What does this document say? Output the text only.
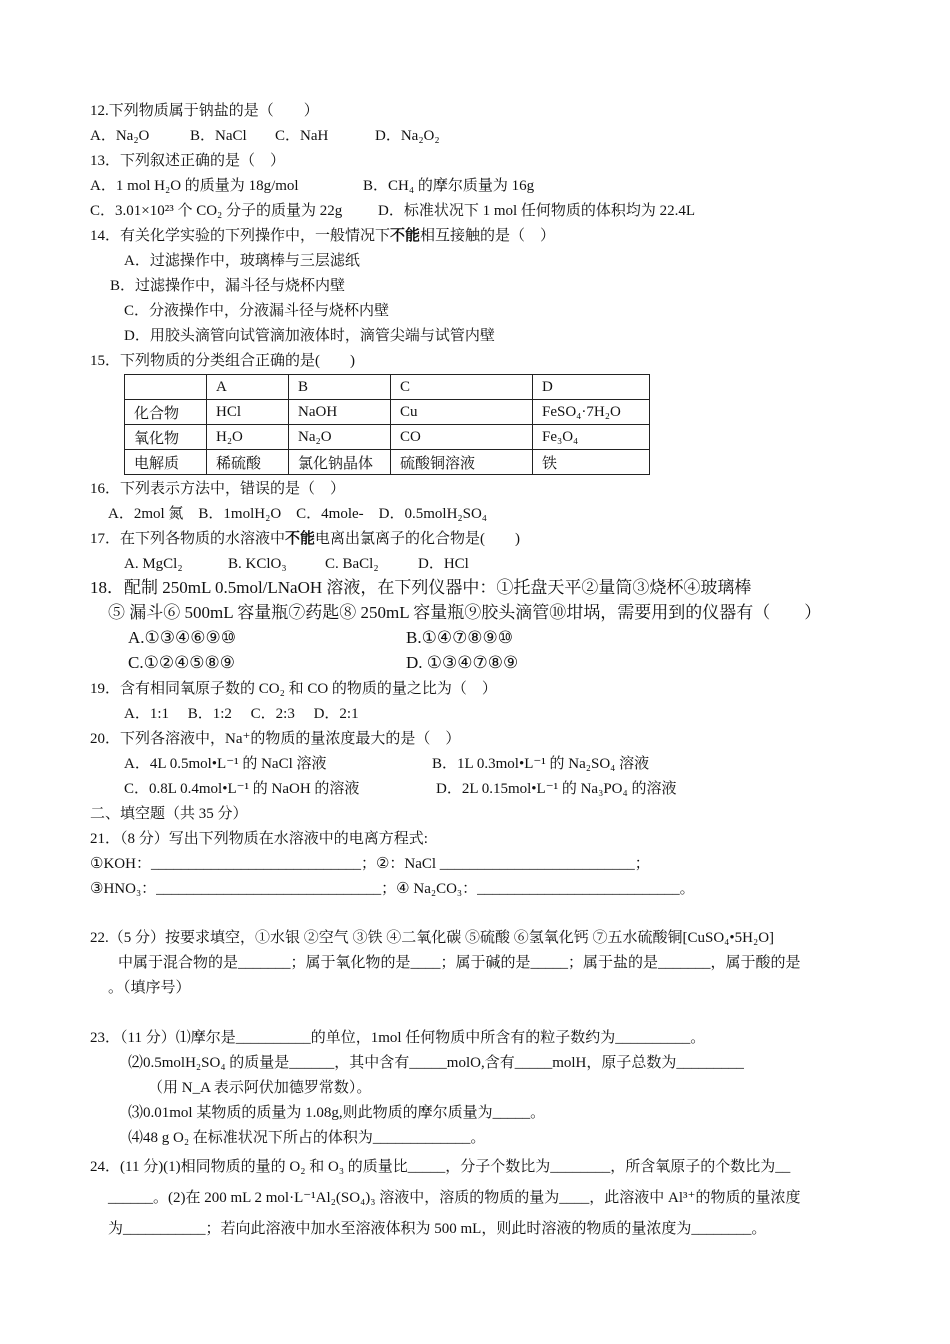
12.下列物质属于钠盐的是（　　）
A．Na₂O	B．NaCl C．NaH	D．Na₂O₂
13．下列叙述正确的是（　）
A．1 mol H₂O 的质量为 18g/mol	B．CH₄ 的摩尔质量为 16g
C．3.01×10²³ 个 CO₂ 分子的质量为 22g D．标准状况下 1 mol 任何物质的体积均为 22.4L
14．有关化学实验的下列操作中，一般情况下不能相互接触的是（　）
A．过滤操作中，玻璃棒与三层滤纸
B．过滤操作中，漏斗径与烧杯内壁
C．分液操作中，分液漏斗径与烧杯内壁
D．用胶头滴管向试管滴加液体时，滴管尖端与试管内壁
15．下列物质的分类组合正确的是(　　)
	A	B	C	D
化合物	HCl	NaOH	Cu	FeSO₄·7H₂O
氧化物	H₂O	Na₂O	CO	Fe₃O₄
电解质	稀硫酸	氯化钠晶体	硫酸铜溶液	铁
16．下列表示方法中，错误的是（　）
A．2mol 氮　B．1molH₂O　C．4mole-　D．0.5molH₂SO₄
17．在下列各物质的水溶液中不能电离出氯离子的化合物是(　　)
A. MgCl₂	B. KClO₃	C. BaCl₂	D．HCl
18．配制 250mL 0.5mol/LNaOH 溶液，在下列仪器中：①托盘天平②量筒③烧杯④玻璃棒
⑤ 漏斗⑥ 500mL 容量瓶⑦药匙⑧ 250mL 容量瓶⑨胶头滴管⑩坩埚，需要用到的仪器有（　　）
A.①③④⑥⑨⑩	B.①④⑦⑧⑨⑩
C.①②④⑤⑧⑨	D. ①③④⑦⑧⑨
19．含有相同氧原子数的 CO₂ 和 CO 的物质的量之比为（　）
A．1:1　 B．1:2　 C．2:3　 D．2:1
20．下列各溶液中，Na⁺的物质的量浓度最大的是（　）
A．4L 0.5mol•L⁻¹ 的 NaCl 溶液	B．1L 0.3mol•L⁻¹ 的 Na₂SO₄ 溶液
C．0.8L 0.4mol•L⁻¹ 的 NaOH 的溶液	D．2L 0.15mol•L⁻¹ 的 Na₃PO₄ 的溶液
二、填空题（共 35 分）
21．（8 分）写出下列物质在水溶液中的电离方程式:
①KOH：____________________________；②：NaCl __________________________；
③HNO₃：______________________________；④ Na₂CO₃：___________________________。
22.（5 分）按要求填空，①水银 ②空气 ③铁 ④二氧化碳 ⑤硫酸 ⑥氢氧化钙 ⑦五水硫酸铜[CuSO₄•5H₂O]
中属于混合物的是_______；属于氧化物的是____；属于碱的是_____；属于盐的是_______，属于酸的是
。（填序号）
23．（11 分）⑴摩尔是__________的单位，1mol 任何物质中所含有的粒子数约为__________。
⑵0.5molH₂SO₄ 的质量是______，其中含有_____molO,含有_____molH，原子总数为_________
（用 N_A 表示阿伏加德罗常数）。
⑶0.01mol 某物质的质量为 1.08g,则此物质的摩尔质量为_____。
⑷48 g O₂ 在标准状况下所占的体积为_____________。
24．(11 分)(1)相同物质的量的 O₂ 和 O₃ 的质量比_____，分子个数比为________，所含氧原子的个数比为__
______。(2)在 200 mL 2 mol·L⁻¹Al₂(SO₄)₃ 溶液中，溶质的物质的量为____，此溶液中 Al³⁺的物质的量浓度
为___________；若向此溶液中加水至溶液体积为 500 mL，则此时溶液的物质的量浓度为________。
